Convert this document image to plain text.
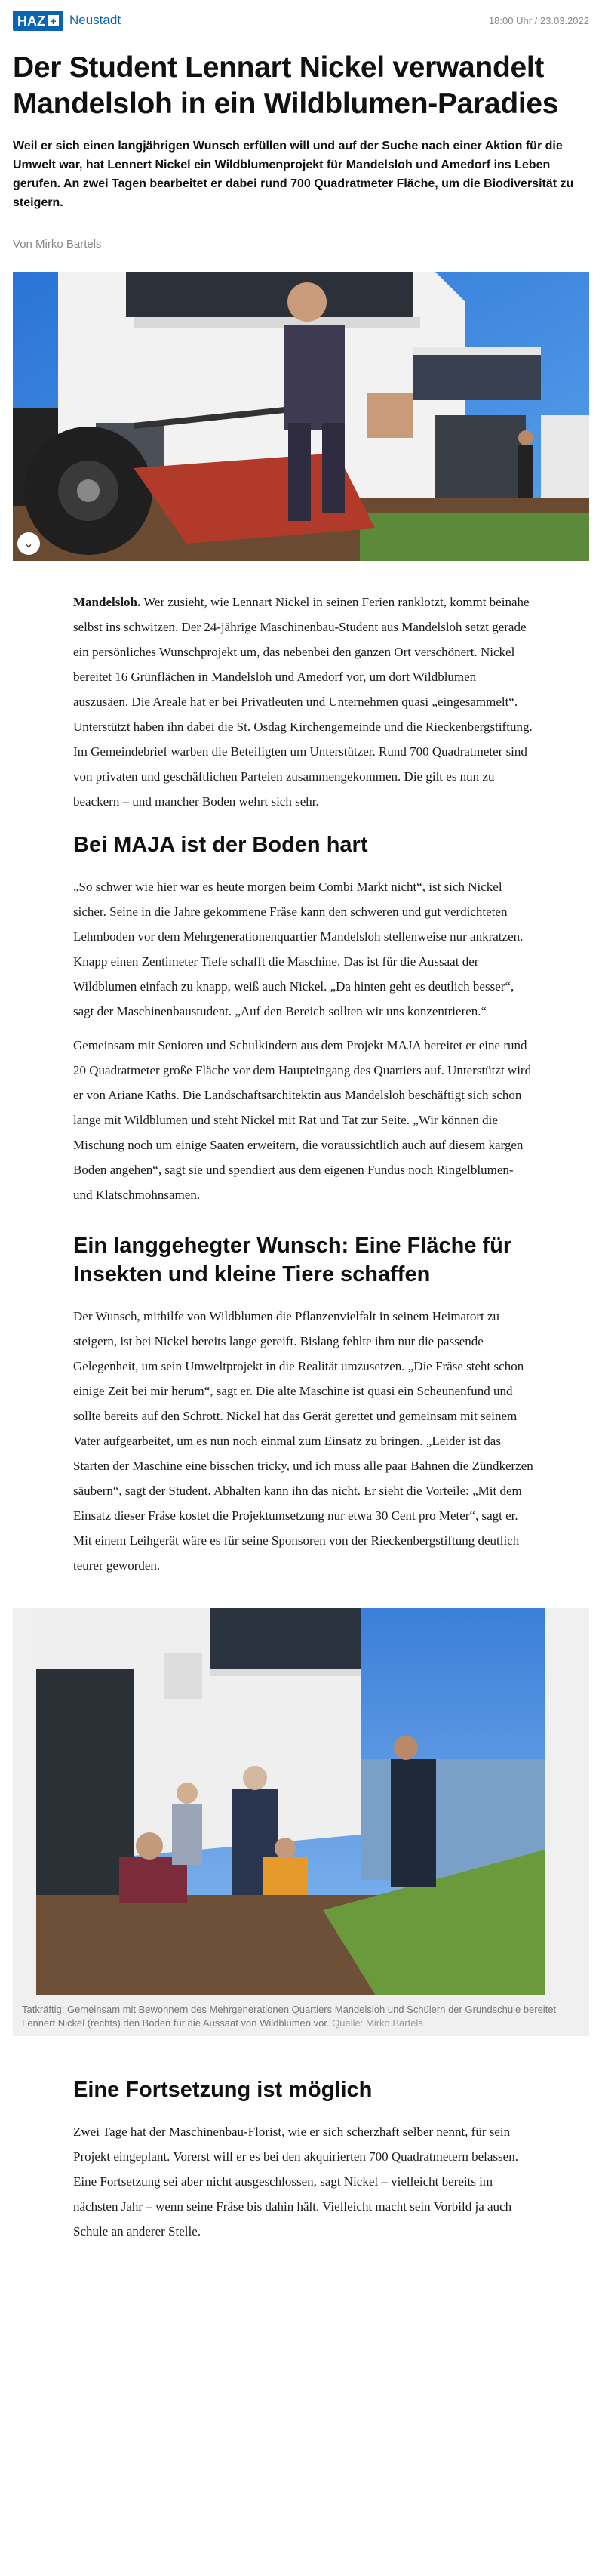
HAZ + Neustadt	18:00 Uhr / 23.03.2022
Der Student Lennart Nickel verwandelt Mandelsloh in ein Wildblumen-Paradies

Weil er sich einen langjährigen Wunsch erfüllen will und auf der Suche nach einer Aktion für die Umwelt war, hat Lennert Nickel ein Wildblumenprojekt für Mandelsloh und Amedorf ins Leben gerufen. An zwei Tagen bearbeitet er dabei rund 700 Quadratmeter Fläche, um die Biodiversität zu steigern.

Von Mirko Bartels

⌄

Mandelsloh. Wer zusieht, wie Lennart Nickel in seinen Ferien ranklotzt, kommt beinahe selbst ins schwitzen. Der 24-jährige Maschinenbau-Student aus Mandelsloh setzt gerade ein persönliches Wunschprojekt um, das nebenbei den ganzen Ort verschönert. Nickel bereitet 16 Grünflächen in Mandelsloh und Amedorf vor, um dort Wildblumen auszusäen. Die Areale hat er bei Privatleuten und Unternehmen quasi „eingesammelt“. Unterstützt haben ihn dabei die St. Osdag Kirchengemeinde und die Rieckenbergstiftung. Im Gemeindebrief warben die Beteiligten um Unterstützer. Rund 700 Quadratmeter sind von privaten und geschäftlichen Parteien zusammengekommen. Die gilt es nun zu beackern – und mancher Boden wehrt sich sehr.

Bei MAJA ist der Boden hart

„So schwer wie hier war es heute morgen beim Combi Markt nicht“, ist sich Nickel sicher. Seine in die Jahre gekommene Fräse kann den schweren und gut verdichteten Lehmboden vor dem Mehrgenerationenquartier Mandelsloh stellenweise nur ankratzen. Knapp einen Zentimeter Tiefe schafft die Maschine. Das ist für die Aussaat der Wildblumen einfach zu knapp, weiß auch Nickel. „Da hinten geht es deutlich besser“, sagt der Maschinenbaustudent. „Auf den Bereich sollten wir uns konzentrieren.“

Gemeinsam mit Senioren und Schulkindern aus dem Projekt MAJA bereitet er eine rund 20 Quadratmeter große Fläche vor dem Haupteingang des Quartiers auf. Unterstützt wird er von Ariane Kaths. Die Landschaftsarchitektin aus Mandelsloh beschäftigt sich schon lange mit Wildblumen und steht Nickel mit Rat und Tat zur Seite. „Wir können die Mischung noch um einige Saaten erweitern, die voraussichtlich auch auf diesem kargen Boden angehen“, sagt sie und spendiert aus dem eigenen Fundus noch Ringelblumen- und Klatschmohnsamen.

Ein langgehegter Wunsch: Eine Fläche für Insekten und kleine Tiere schaffen

Der Wunsch, mithilfe von Wildblumen die Pflanzenvielfalt in seinem Heimatort zu steigern, ist bei Nickel bereits lange gereift. Bislang fehlte ihm nur die passende Gelegenheit, um sein Umweltprojekt in die Realität umzusetzen. „Die Fräse steht schon einige Zeit bei mir herum“, sagt er. Die alte Maschine ist quasi ein Scheunenfund und sollte bereits auf den Schrott. Nickel hat das Gerät gerettet und gemeinsam mit seinem Vater aufgearbeitet, um es nun noch einmal zum Einsatz zu bringen. „Leider ist das Starten der Maschine eine bisschen tricky, und ich muss alle paar Bahnen die Zündkerzen säubern“, sagt der Student. Abhalten kann ihn das nicht. Er sieht die Vorteile: „Mit dem Einsatz dieser Fräse kostet die Projektumsetzung nur etwa 30 Cent pro Meter“, sagt er. Mit einem Leihgerät wäre es für seine Sponsoren von der Rieckenbergstiftung deutlich teurer geworden.

Tatkräftig: Gemeinsam mit Bewohnern des Mehrgenerationen Quartiers Mandelsloh und Schülern der Grundschule bereitet Lennert Nickel (rechts) den Boden für die Aussaat von Wildblumen vor. Quelle: Mirko Bartels
Eine Fortsetzung ist möglich

Zwei Tage hat der Maschinenbau-Florist, wie er sich scherzhaft selber nennt, für sein Projekt eingeplant. Vorerst will er es bei den akquirierten 700 Quadratmetern belassen. Eine Fortsetzung sei aber nicht ausgeschlossen, sagt Nickel – vielleicht bereits im nächsten Jahr – wenn seine Fräse bis dahin hält. Vielleicht macht sein Vorbild ja auch Schule an anderer Stelle.
